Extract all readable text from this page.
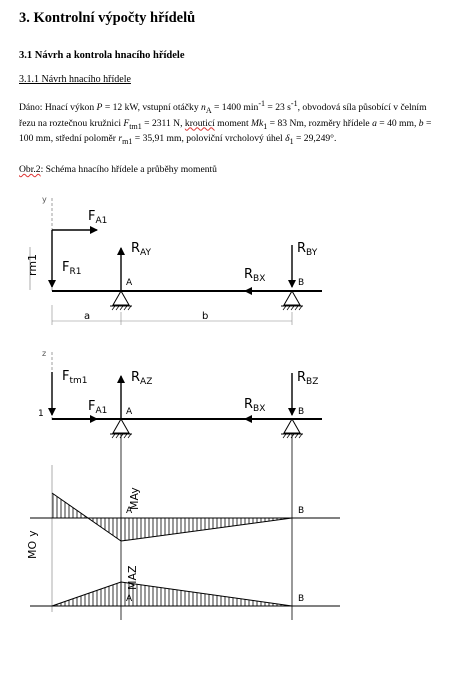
3. Kontrolní výpočty hřídelů
3.1 Návrh a kontrola hnacího hřídele
3.1.1 Návrh hnacího hřídele

Dáno: Hnací výkon P = 12 kW, vstupní otáčky $n_A = 1400$ $\min^{-1} = 23$ $s^{-1}$, obvodová síla působící v čelním řezu na roztečnou kružnici $F_{tm1} = 2311$ N, krouticí moment $Mk_1 = 83$ Nm, rozměry hřídele a = 40 mm, b = 100 mm, střední poloměr $r_{m1} = 35,91$ mm, poloviční vrcholový úhel $\delta_1 = 29,249^\circ$.

Obr.2: Schéma hnacího hřídele a průběhy momentů

y
$F_{A1}$
$F_{R1}$
rm1
$R_{AY}$
A
$R_{BX}$
$R_{BY}$
B
a	b
z
$F_{tm1}$
1	$F_{A1}$
$R_{AZ}$
A	$R_{BX}$
$R_{BZ}$
B
MAy
A	B
MOy
MAZ
A	B
